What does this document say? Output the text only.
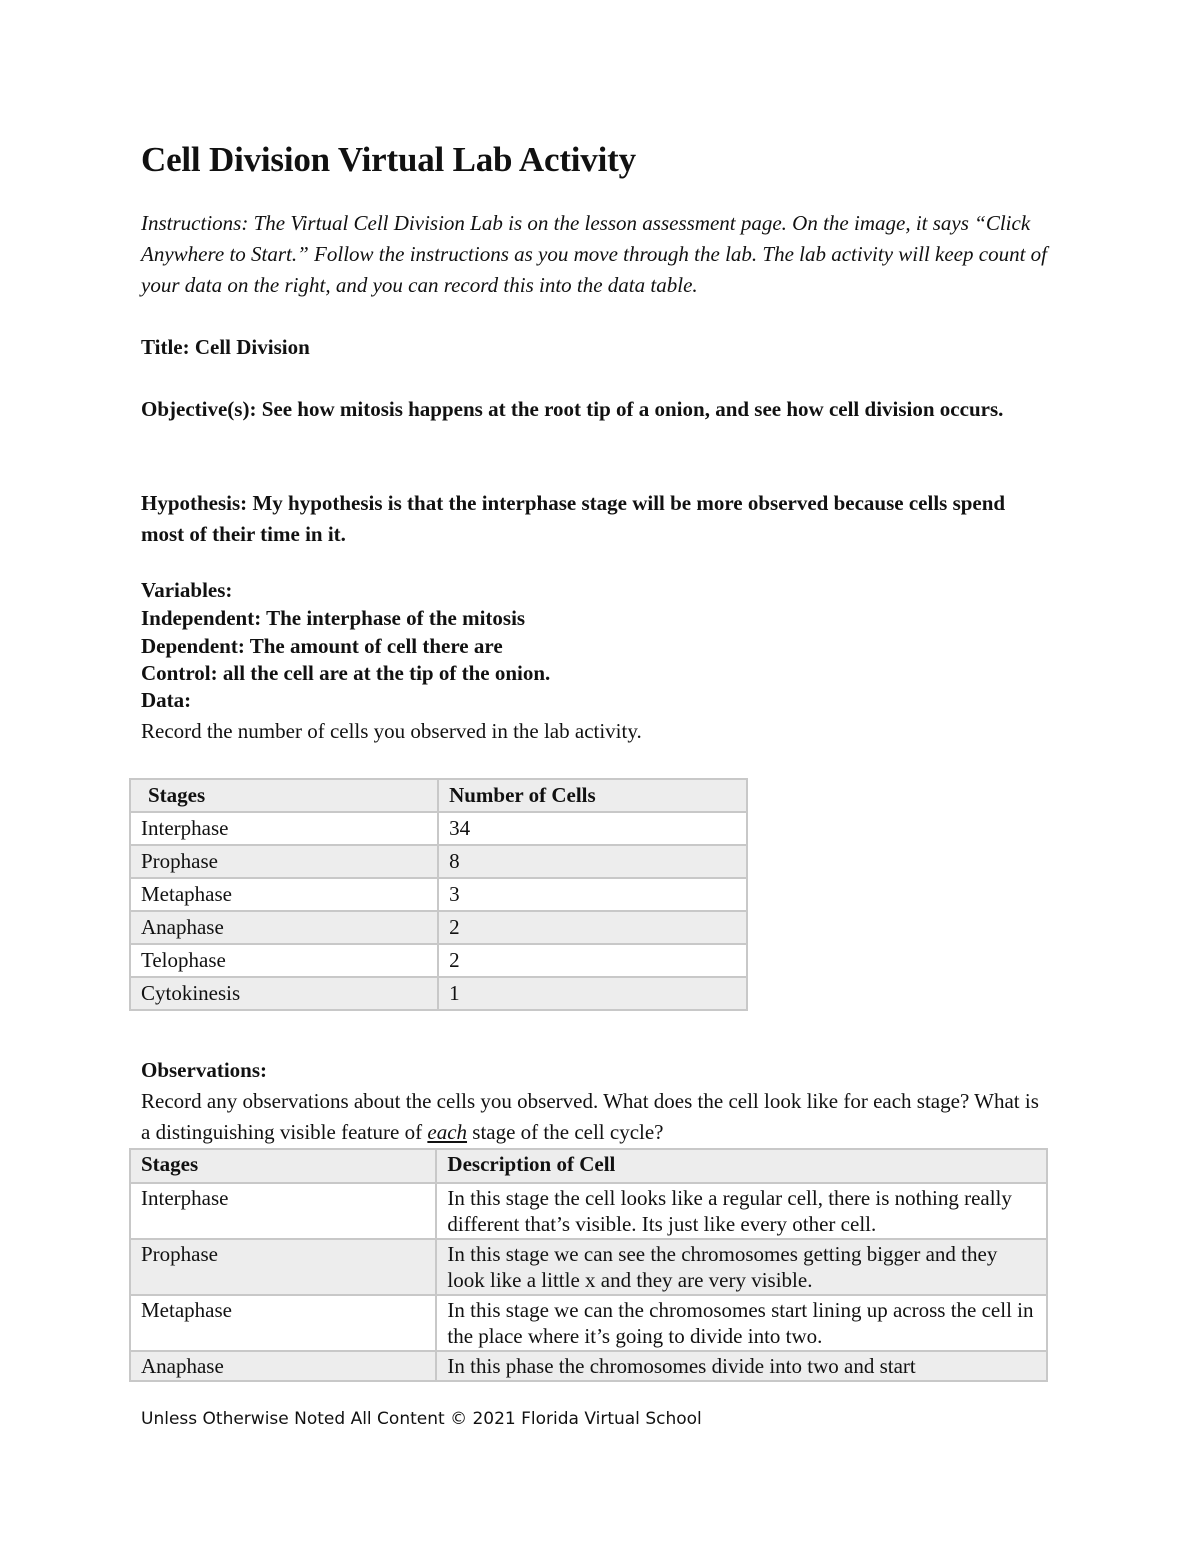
Cell Division Virtual Lab Activity

Instructions: The Virtual Cell Division Lab is on the lesson assessment page. On the image, it says “Click Anywhere to Start.” Follow the instructions as you move through the lab. The lab activity will keep count of your data on the right, and you can record this into the data table.

Title: Cell Division

Objective(s): See how mitosis happens at the root tip of a onion, and see how cell division occurs.

Hypothesis: My hypothesis is that the interphase stage will be more observed because cells spend most of their time in it.

Variables:

Independent: The interphase of the mitosis

Dependent: The amount of cell there are

Control: all the cell are at the tip of the onion.

Data:

Record the number of cells you observed in the lab activity.

Stages	Number of Cells
Interphase	34
Prophase	8
Metaphase	3
Anaphase	2
Telophase	2
Cytokinesis	1

Observations:

Record any observations about the cells you observed. What does the cell look like for each stage? What is a distinguishing visible feature of each stage of the cell cycle?

Stages	Description of Cell
Interphase	In this stage the cell looks like a regular cell, there is nothing really different that’s visible. Its just like every other cell.
Prophase	In this stage we can see the chromosomes getting bigger and they look like a little x and they are very visible.
Metaphase	In this stage we can the chromosomes start lining up across the cell in the place where it’s going to divide into two.
Anaphase	In this phase the chromosomes divide into two and start

Unless Otherwise Noted All Content © 2021 Florida Virtual School
